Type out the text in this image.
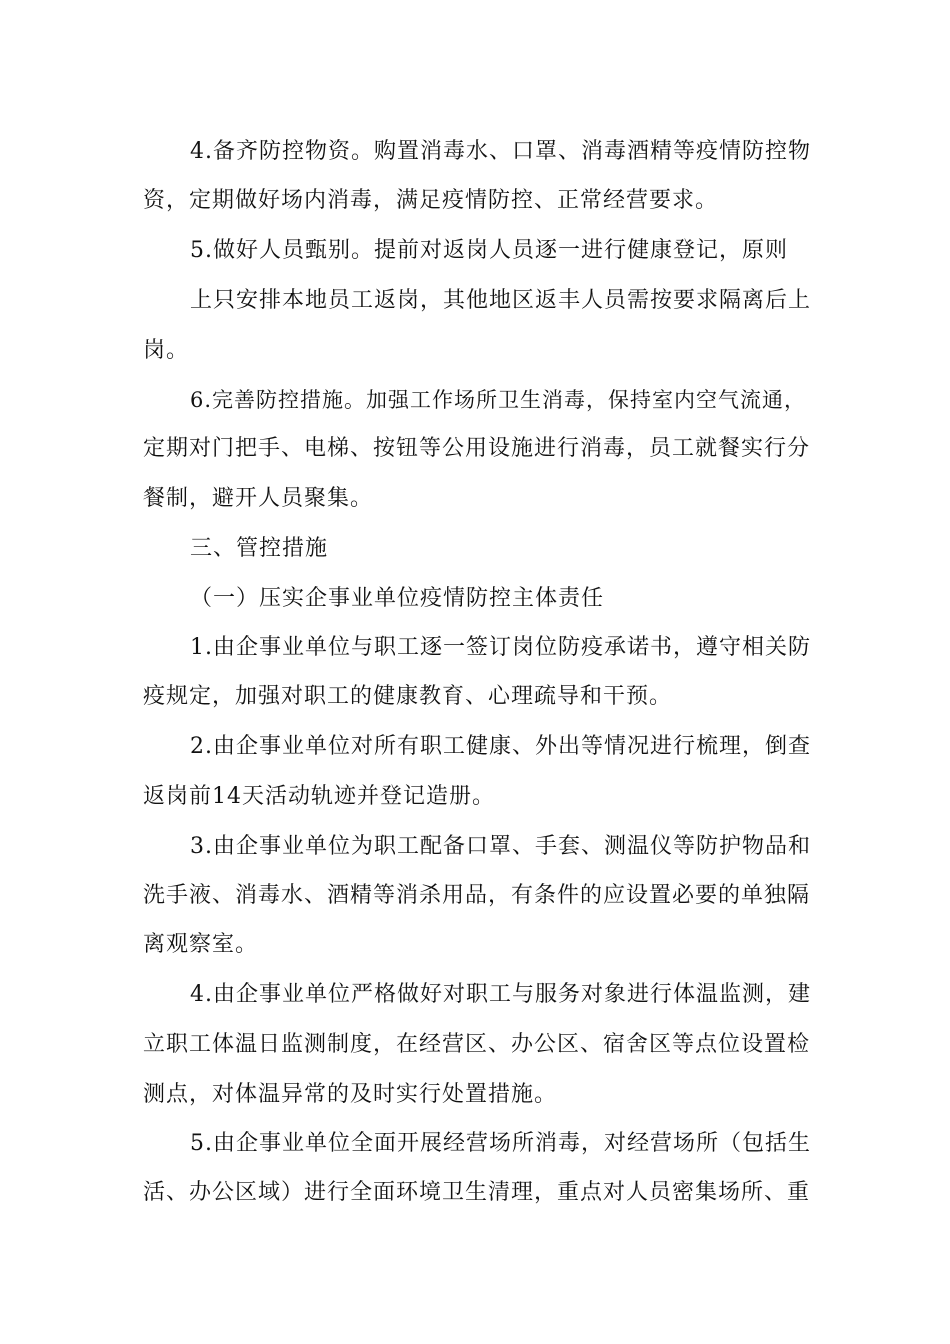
4.备齐防控物资。购置消毒水、口罩、消毒酒精等疫情防控物
资，定期做好场内消毒，满足疫情防控、正常经营要求。
5.做好人员甄别。提前对返岗人员逐一进行健康登记，原则
上只安排本地员工返岗，其他地区返丰人员需按要求隔离后上
岗。
6.完善防控措施。加强工作场所卫生消毒，保持室内空气流通，
定期对门把手、电梯、按钮等公用设施进行消毒，员工就餐实行分
餐制，避开人员聚集。
三、管控措施
（一）压实企事业单位疫情防控主体责任
1.由企事业单位与职工逐一签订岗位防疫承诺书，遵守相关防
疫规定，加强对职工的健康教育、心理疏导和干预。
2.由企事业单位对所有职工健康、外出等情况进行梳理，倒查
返岗前14天活动轨迹并登记造册。
3.由企事业单位为职工配备口罩、手套、测温仪等防护物品和
洗手液、消毒水、酒精等消杀用品，有条件的应设置必要的单独隔
离观察室。
4.由企事业单位严格做好对职工与服务对象进行体温监测，建
立职工体温日监测制度，在经营区、办公区、宿舍区等点位设置检
测点，对体温异常的及时实行处置措施。
5.由企事业单位全面开展经营场所消毒，对经营场所（包括生
活、办公区域）进行全面环境卫生清理，重点对人员密集场所、重
